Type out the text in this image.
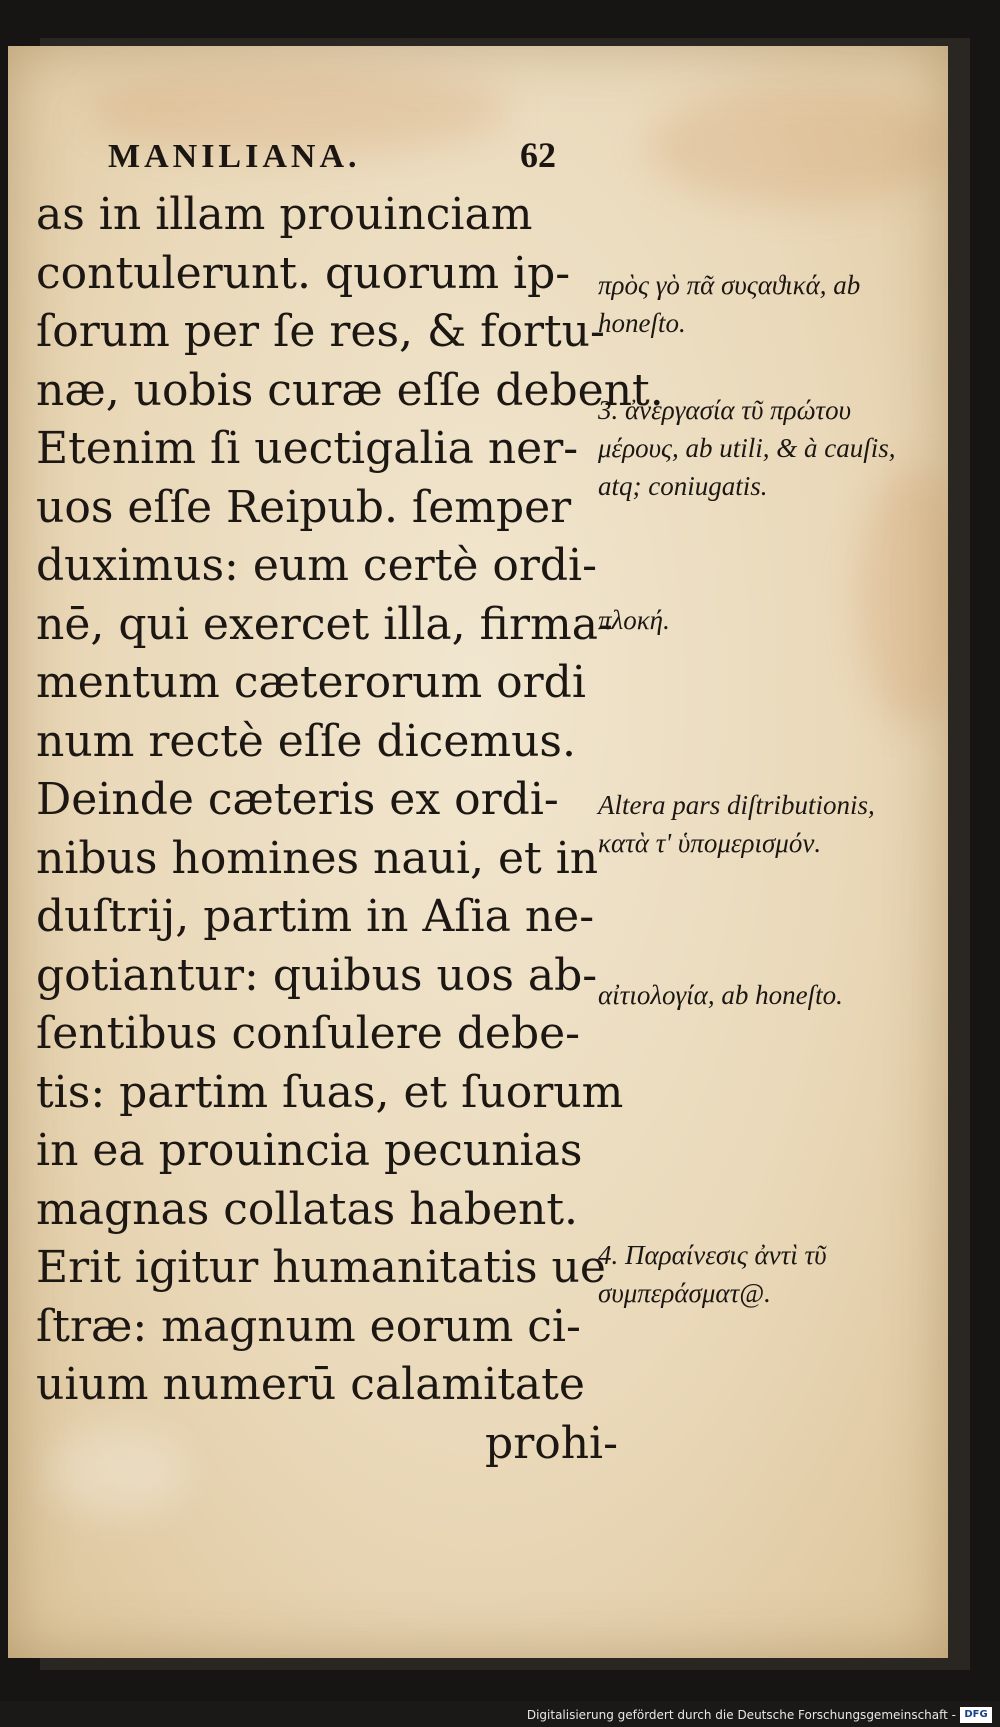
MANILIANA.	62
as in illam prouinciam
contulerunt. quorum ip-
ſorum per ſe res, & fortu-
næ, uobis curæ eſſe debent.
Etenim ſi uectigalia ner-
uos eſſe Reipub. ſemper
duximus: eum certè ordi-
nē, qui exercet illa, firma-
mentum cæterorum ordi
num rectè eſſe dicemus.
Deinde cæteris ex ordi-
nibus homines naui, et in
duſtrij, partim in Aſia ne-
gotiantur: quibus uos ab-
ſentibus conſulere debe-
tis: partim ſuas, et ſuorum
in ea prouincia pecunias
magnas collatas habent.
Erit igitur humanitatis ue
ſtræ: magnum eorum ci-
uium numerū calamitate
prohi-
πρὸς γὸ πᾶ συςαϑικά, ab honeſto.
3. ἀνεργασία τῦ πρώτου μέρους, ab utili, & à cauſis, atq; coniugatis.
πλοκή.
Altera pars diſtributionis, κατὰ τ' ὑπομερισμόν.
αἰτιολογία, ab honeſto.
4. Παραίνεσις ἀντὶ τῦ συμπεράσματ@.
Digitalisierung gefördert durch die Deutsche Forschungsgemeinschaft - DFG
